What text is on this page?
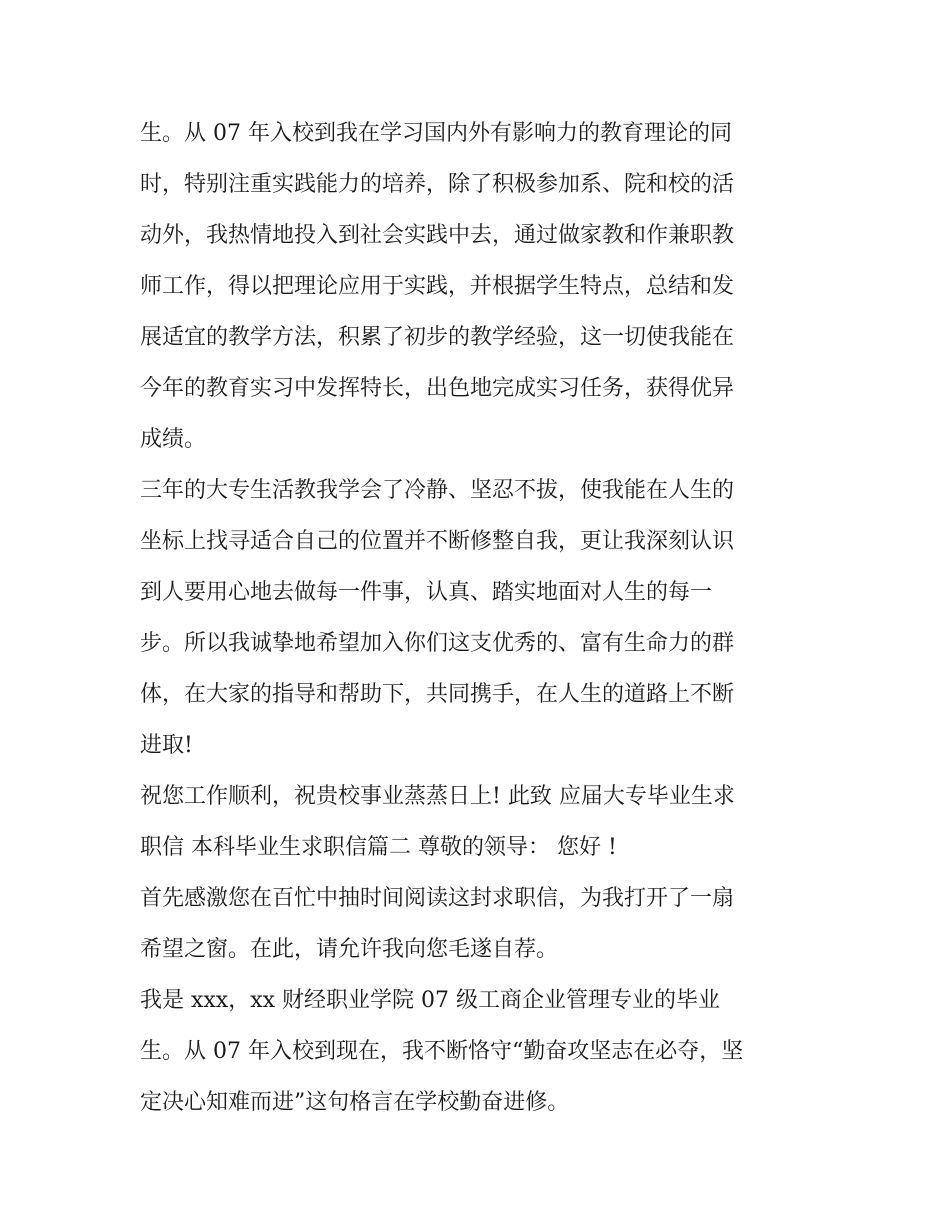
生。从 07 年入校到我在学习国内外有影响力的教育理论的同
时，特别注重实践能力的培养，除了积极参加系、院和校的活
动外，我热情地投入到社会实践中去，通过做家教和作兼职教
师工作，得以把理论应用于实践，并根据学生特点，总结和发
展适宜的教学方法，积累了初步的教学经验，这一切使我能在
今年的教育实习中发挥特长，出色地完成实习任务，获得优异
成绩。
三年的大专生活教我学会了冷静、坚忍不拔，使我能在人生的
坐标上找寻适合自己的位置并不断修整自我，更让我深刻认识
到人要用心地去做每一件事，认真、踏实地面对人生的每一
步。所以我诚挚地希望加入你们这支优秀的、富有生命力的群
体，在大家的指导和帮助下，共同携手，在人生的道路上不断
进取!
祝您工作顺利，祝贵校事业蒸蒸日上! 此致 应届大专毕业生求
职信 本科毕业生求职信篇二 尊敬的领导： 您好 !
首先感激您在百忙中抽时间阅读这封求职信，为我打开了一扇
希望之窗。在此，请允许我向您毛遂自荐。
我是 xxx，xx 财经职业学院 07 级工商企业管理专业的毕业
生。从 07 年入校到现在，我不断恪守“勤奋攻坚志在必夺，坚
定决心知难而进”这句格言在学校勤奋进修。
